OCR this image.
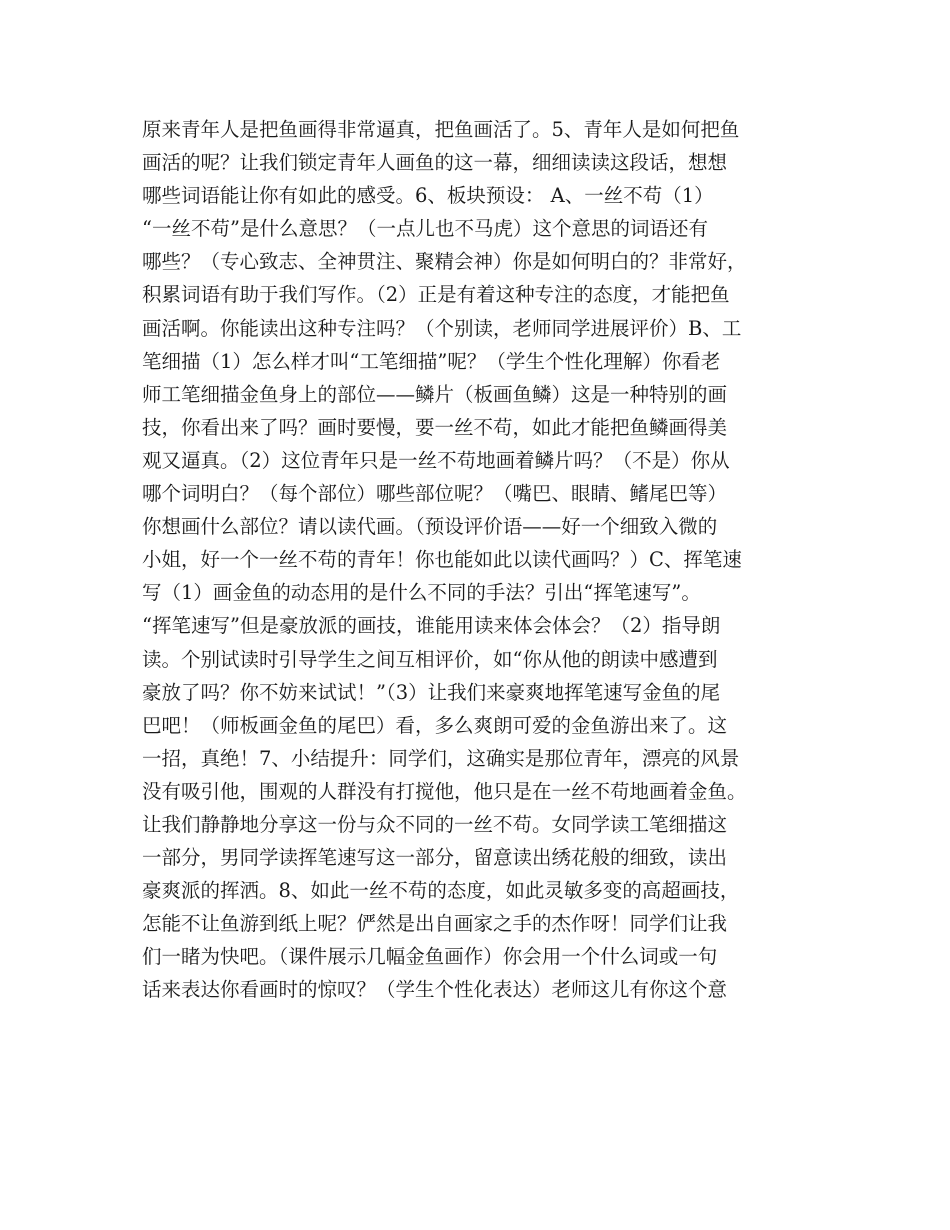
原来青年人是把鱼画得非常逼真，把鱼画活了。5、青年人是如何把鱼
画活的呢？让我们锁定青年人画鱼的这一幕，细细读读这段话，想想
哪些词语能让你有如此的感受。6、板块预设： A、一丝不苟（1）
“一丝不苟”是什么意思？（一点儿也不马虎）这个意思的词语还有
哪些？（专心致志、全神贯注、聚精会神）你是如何明白的？非常好，
积累词语有助于我们写作。（2）正是有着这种专注的态度，才能把鱼
画活啊。你能读出这种专注吗？（个别读，老师同学进展评价）B、工
笔细描（1）怎么样才叫“工笔细描”呢？（学生个性化理解）你看老
师工笔细描金鱼身上的部位——鳞片（板画鱼鳞）这是一种特别的画
技，你看出来了吗？画时要慢，要一丝不苟，如此才能把鱼鳞画得美
观又逼真。（2）这位青年只是一丝不苟地画着鳞片吗？（不是）你从
哪个词明白？（每个部位）哪些部位呢？（嘴巴、眼睛、鳍尾巴等）
你想画什么部位？请以读代画。（预设评价语——好一个细致入微的
小姐，好一个一丝不苟的青年！你也能如此以读代画吗？）C、挥笔速
写（1）画金鱼的动态用的是什么不同的手法？引出“挥笔速写”。
“挥笔速写”但是豪放派的画技，谁能用读来体会体会？（2）指导朗
读。个别试读时引导学生之间互相评价，如“你从他的朗读中感遭到
豪放了吗？你不妨来试试！”（3）让我们来豪爽地挥笔速写金鱼的尾
巴吧！（师板画金鱼的尾巴）看，多么爽朗可爱的金鱼游出来了。这
一招，真绝！7、小结提升：同学们，这确实是那位青年，漂亮的风景
没有吸引他，围观的人群没有打搅他，他只是在一丝不苟地画着金鱼。
让我们静静地分享这一份与众不同的一丝不苟。女同学读工笔细描这
一部分，男同学读挥笔速写这一部分，留意读出绣花般的细致，读出
豪爽派的挥洒。8、如此一丝不苟的态度，如此灵敏多变的高超画技，
怎能不让鱼游到纸上呢？俨然是出自画家之手的杰作呀！同学们让我
们一睹为快吧。（课件展示几幅金鱼画作）你会用一个什么词或一句
话来表达你看画时的惊叹？（学生个性化表达）老师这儿有你这个意
